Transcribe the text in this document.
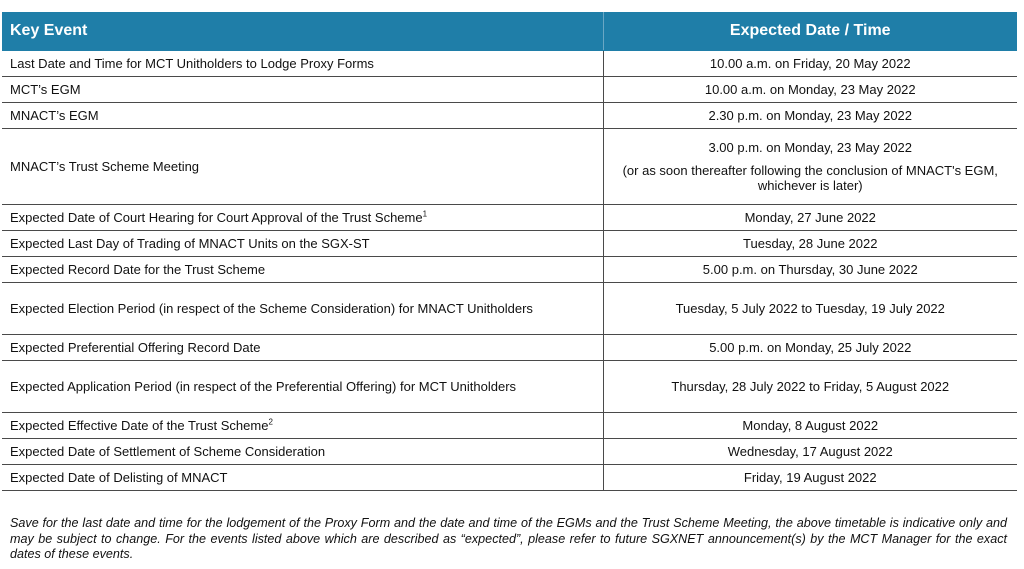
Key Event	Expected Date / Time
Last Date and Time for MCT Unitholders to Lodge Proxy Forms	10.00 a.m. on Friday, 20 May 2022
MCT’s EGM	10.00 a.m. on Monday, 23 May 2022
MNACT’s EGM	2.30 p.m. on Monday, 23 May 2022
MNACT’s Trust Scheme Meeting	3.00 p.m. on Monday, 23 May 2022
(or as soon thereafter following the conclusion of MNACT's EGM, whichever is later)

Expected Date of Court Hearing for Court Approval of the Trust Scheme$^1$	Monday, 27 June 2022
Expected Last Day of Trading of MNACT Units on the SGX-ST	Tuesday, 28 June 2022
Expected Record Date for the Trust Scheme	5.00 p.m. on Thursday, 30 June 2022
Expected Election Period (in respect of the Scheme Consideration) for MNACT Unitholders	Tuesday, 5 July 2022 to Tuesday, 19 July 2022
Expected Preferential Offering Record Date	5.00 p.m. on Monday, 25 July 2022
Expected Application Period (in respect of the Preferential Offering) for MCT Unitholders	Thursday, 28 July 2022 to Friday, 5 August 2022
Expected Effective Date of the Trust Scheme$^2$	Monday, 8 August 2022
Expected Date of Settlement of Scheme Consideration	Wednesday, 17 August 2022
Expected Date of Delisting of MNACT	Friday, 19 August 2022

Save for the last date and time for the lodgement of the Proxy Form and the date and time of the EGMs and the Trust Scheme Meeting, the above timetable is indicative only and may be subject to change. For the events listed above which are described as “expected”, please refer to future SGXNET announcement(s) by the MCT Manager for the exact dates of these events.
